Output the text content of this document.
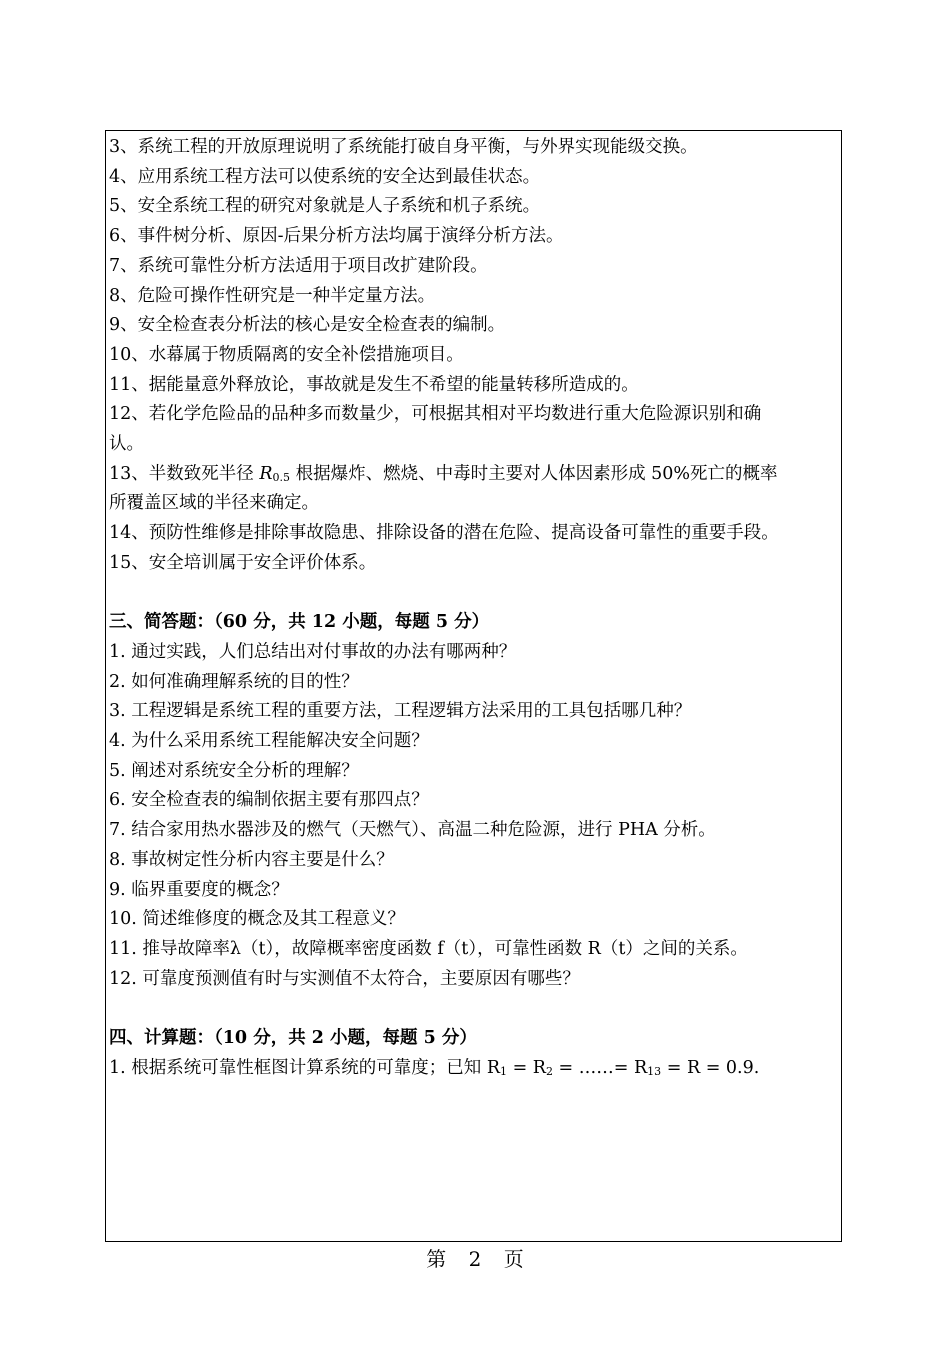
3、系统工程的开放原理说明了系统能打破自身平衡，与外界实现能级交换。
4、应用系统工程方法可以使系统的安全达到最佳状态。
5、安全系统工程的研究对象就是人子系统和机子系统。
6、事件树分析、原因-后果分析方法均属于演绎分析方法。
7、系统可靠性分析方法适用于项目改扩建阶段。
8、危险可操作性研究是一种半定量方法。
9、安全检查表分析法的核心是安全检查表的编制。
10、水幕属于物质隔离的安全补偿措施项目。
11、据能量意外释放论，事故就是发生不希望的能量转移所造成的。
12、若化学危险品的品种多而数量少，可根据其相对平均数进行重大危险源识别和确
认。
13、半数致死半径 $R_{0.5}$ 根据爆炸、燃烧、中毒时主要对人体因素形成 50%死亡的概率
所覆盖区域的半径来确定。
14、预防性维修是排除事故隐患、排除设备的潜在危险、提高设备可靠性的重要手段。
15、安全培训属于安全评价体系。
三、简答题：（60 分，共 12 小题，每题 5 分）
1. 通过实践，人们总结出对付事故的办法有哪两种？
2. 如何准确理解系统的目的性？
3. 工程逻辑是系统工程的重要方法，工程逻辑方法采用的工具包括哪几种？
4. 为什么采用系统工程能解决安全问题？
5. 阐述对系统安全分析的理解？
6. 安全检查表的编制依据主要有那四点？
7. 结合家用热水器涉及的燃气（天燃气）、高温二种危险源，进行 PHA 分析。
8. 事故树定性分析内容主要是什么？
9. 临界重要度的概念？
10. 简述维修度的概念及其工程意义？
11. 推导故障率λ（t），故障概率密度函数 f（t），可靠性函数 R（t）之间的关系。
12. 可靠度预测值有时与实测值不太符合，主要原因有哪些？
四、计算题：（10 分，共 2 小题，每题 5 分）
1. 根据系统可靠性框图计算系统的可靠度；已知 $R_1 = R_2$ = ……= $R_{13} = R = 0.9$.
第 2 页
